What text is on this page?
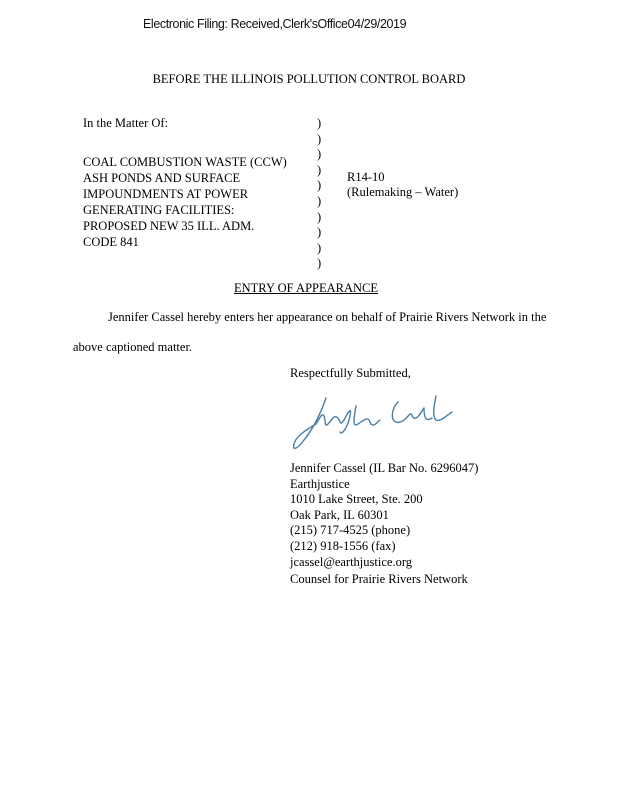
Electronic Filing: Received,Clerk'sOffice04/29/2019
BEFORE THE ILLINOIS POLLUTION CONTROL BOARD
In the Matter Of:
COAL COMBUSTION WASTE (CCW)
ASH PONDS AND SURFACE
IMPOUNDMENTS AT POWER
GENERATING FACILITIES:
PROPOSED NEW 35 ILL. ADM.
CODE 841
)
)
)
)
)
)
)
)
)
)
R14-10
(Rulemaking – Water)
ENTRY OF APPEARANCE
Jennifer Cassel hereby enters her appearance on behalf of Prairie Rivers Network in the
above captioned matter.
Respectfully Submitted,
Jennifer Cassel (IL Bar No. 6296047)
Earthjustice
1010 Lake Street, Ste. 200
Oak Park, IL 60301
(215) 717-4525 (phone)
(212) 918-1556 (fax)
jcassel@earthjustice.org
Counsel for Prairie Rivers Network
